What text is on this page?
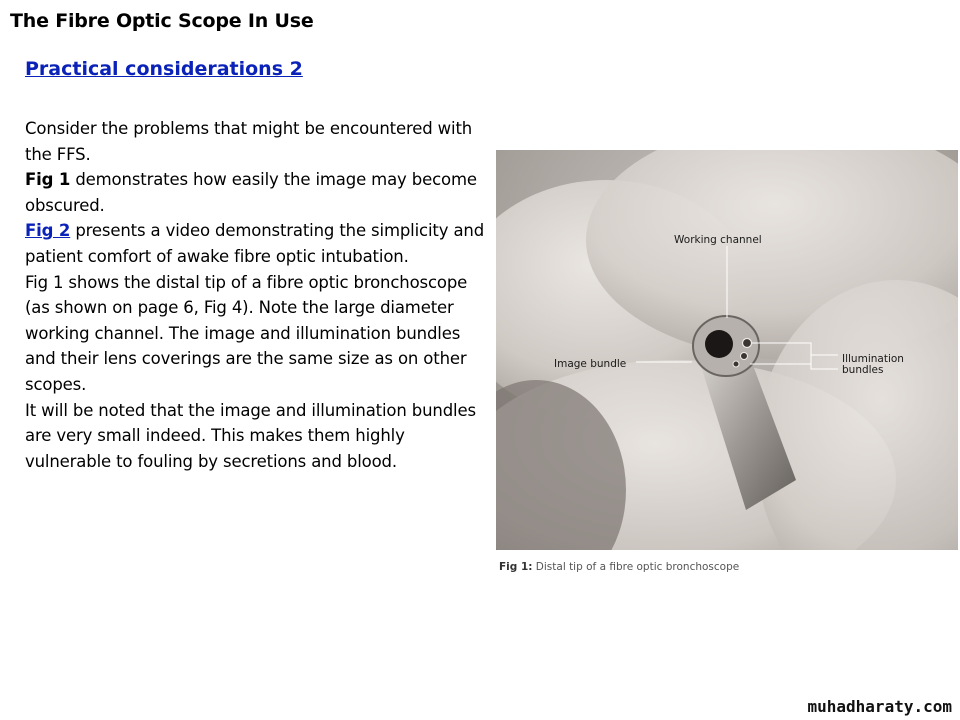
The Fibre Optic Scope In Use
Practical considerations 2

Consider the problems that might be encountered with the FFS.

Fig 1 demonstrates how easily the image may become obscured.

Fig 2 presents a video demonstrating the simplicity and patient comfort of awake fibre optic intubation.

Fig 1 shows the distal tip of a fibre optic bronchoscope (as shown on page 6, Fig 4). Note the large diameter working channel. The image and illumination bundles and their lens coverings are the same size as on other scopes.

It will be noted that the image and illumination bundles are very small indeed. This makes them highly vulnerable to fouling by secretions and blood.

Working channel
Image bundle	Illumination
bundles
Fig 1: Distal tip of a fibre optic bronchoscope
muhadharaty.com
